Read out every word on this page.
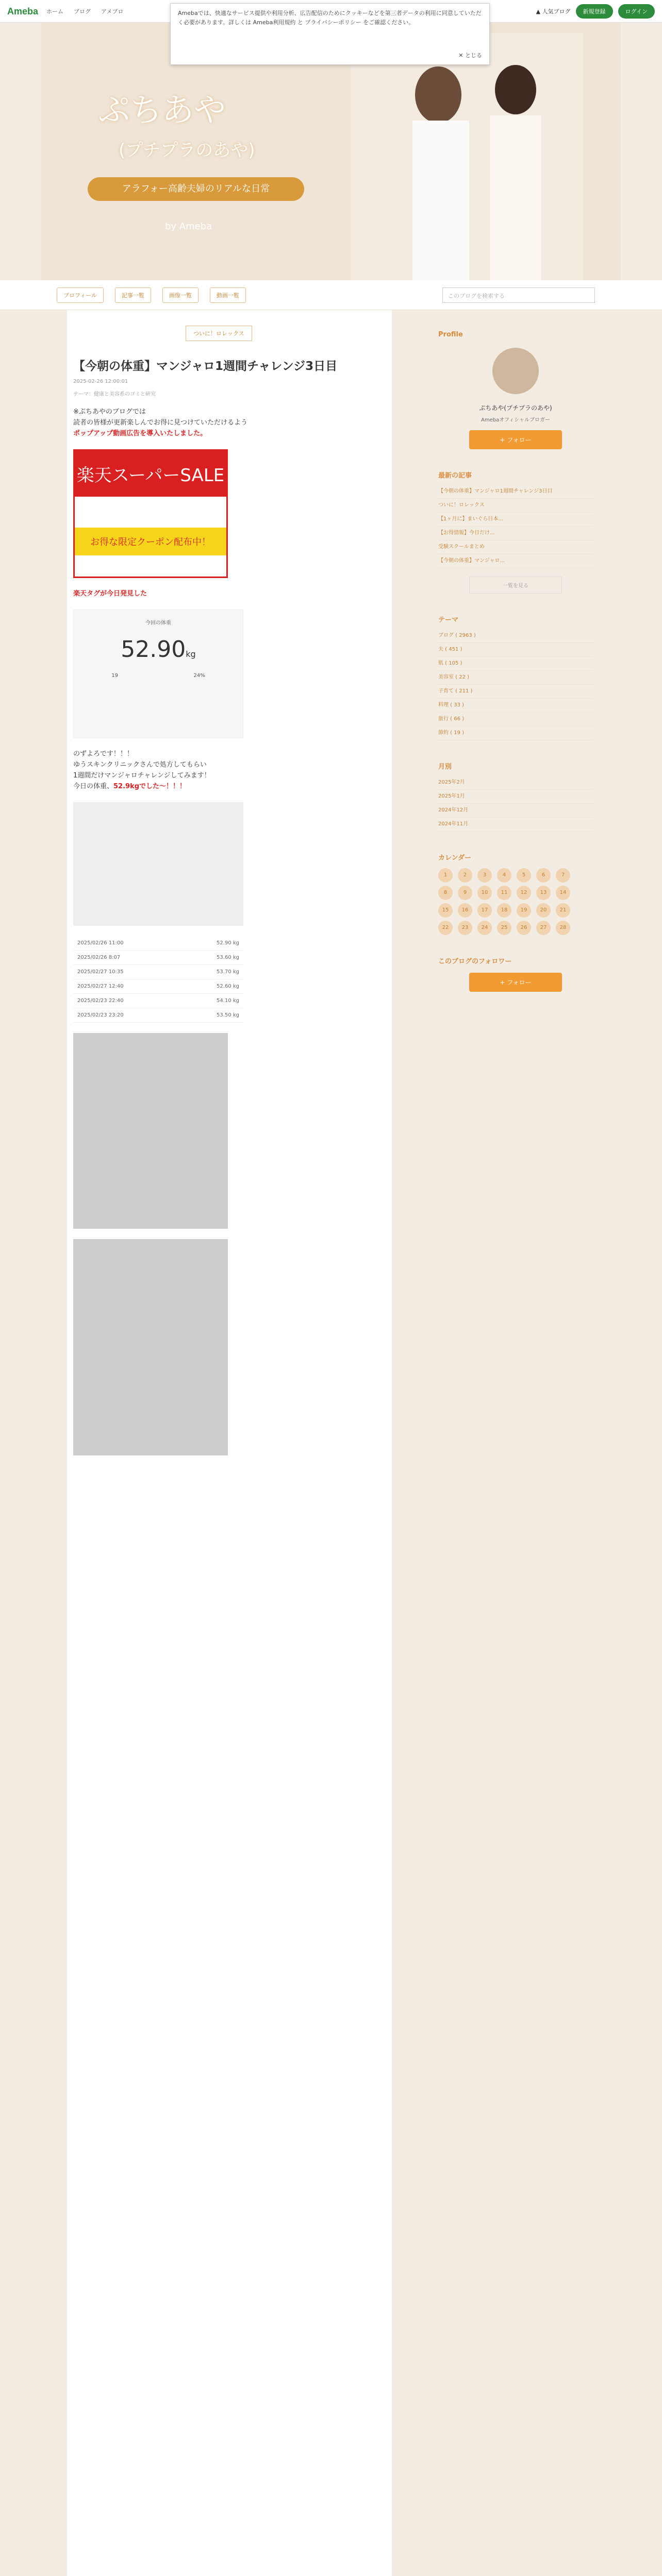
Ameba ホーム ブログ アメブロ	Amebaでは、快適なサービス提供や利用分析、広告配信のためにクッキーなどを第三者データの利用に同意していただく必要があります。詳しくは Ameba利用規約 と プライバシーポリシー をご確認ください。
✕ とじる
▲ 人気ブログ	新規登録	ログイン
ぷちあや
(プチプラのあや)
アラフォー高齢夫婦のリアルな日常
by Ameba
プロフィール	記事一覧	画像一覧	動画一覧	このブログを検索する
ついに！ロレックス
【今朝の体重】マンジャロ1週間チャレンジ3日目
2025-02-26 12:00:01
テーマ：健康と美容系のゴミと研究
※ぷちあやのブログでは
読者の皆様が更新楽しんでお得に見つけていただけるよう
ポップアップ動画広告を導入いたしました。
楽天スーパーSALE
お得な限定クーポン配布中！
楽天タグが今日発見した
今回の体重
52.90kg
19	24%
のずよろです！！！
ゆうスキンクリニックさんで処方してもらい
1週間だけマンジャロチャレンジしてみます！
今日の体重、52.9kgでした〜！！！
2025/02/26 11:00	52.90 kg
2025/02/26 8:07	53.60 kg
2025/02/27 10:35	53.70 kg
2025/02/27 12:40	52.60 kg
2025/02/23 22:40	54.10 kg
2025/02/23 23:20	53.50 kg
Profile
ぷちあや(プチプラのあや)
Amebaオフィシャルブロガー
+ フォロー
最新の記事
【今朝の体重】マンジャロ1週間チャレンジ3日目
ついに！ロレックス
【1ヶ月に】まいぐら日本...
【お得情報】今日だけ...
受験スクールまとめ
【今朝の体重】マンジャロ...
一覧を見る
テーマ
ブログ ( 2963 )
夫 ( 451 )
肌 ( 105 )
美容室 ( 22 )
子育て ( 211 )
料理 ( 33 )
旅行 ( 66 )
節約 ( 19 )
月別
2025年2月
2025年1月
2024年12月
2024年11月
カレンダー
1	2	3	4	5	6	7
8	9	10	11	12	13	14
15	16	17	18	19	20	21
22	23	24	25	26	27	28
このブログのフォロワー
+ フォロー
